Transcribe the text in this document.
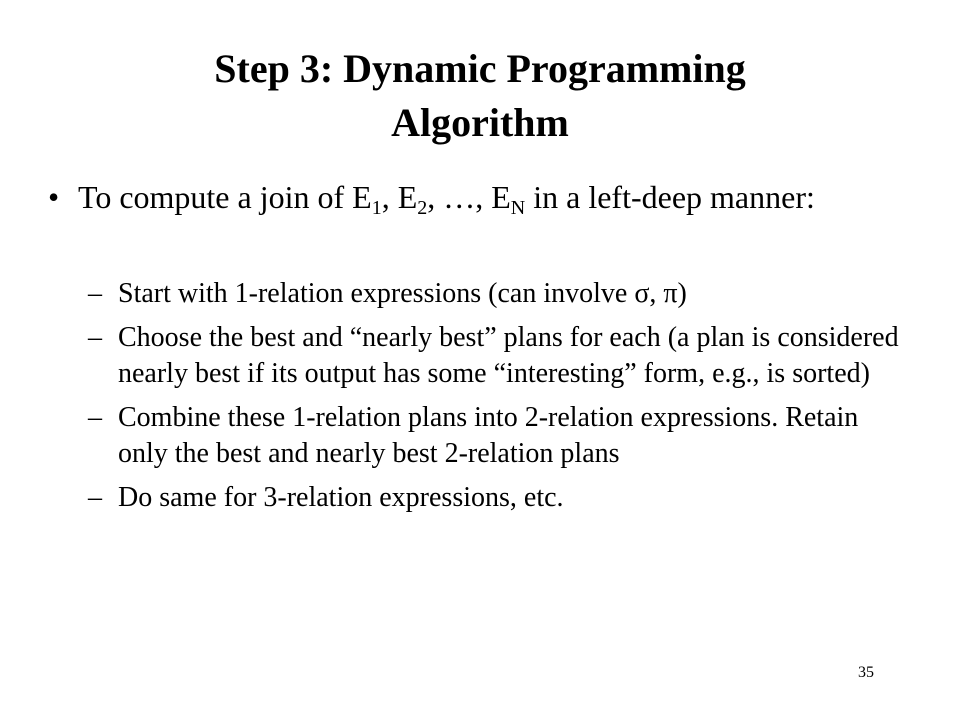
Step 3: Dynamic Programming
Algorithm
• To compute a join of $E_1$, $E_2$, …, $E_N$ in a left-deep manner:
– Start with 1-relation expressions (can involve σ, π)
– Choose the best and “nearly best” plans for each (a plan is considered nearly best if its output has some “interesting” form, e.g., is sorted)
– Combine these 1-relation plans into 2-relation expressions. Retain only the best and nearly best 2-relation plans
– Do same for 3-relation expressions, etc.
35
